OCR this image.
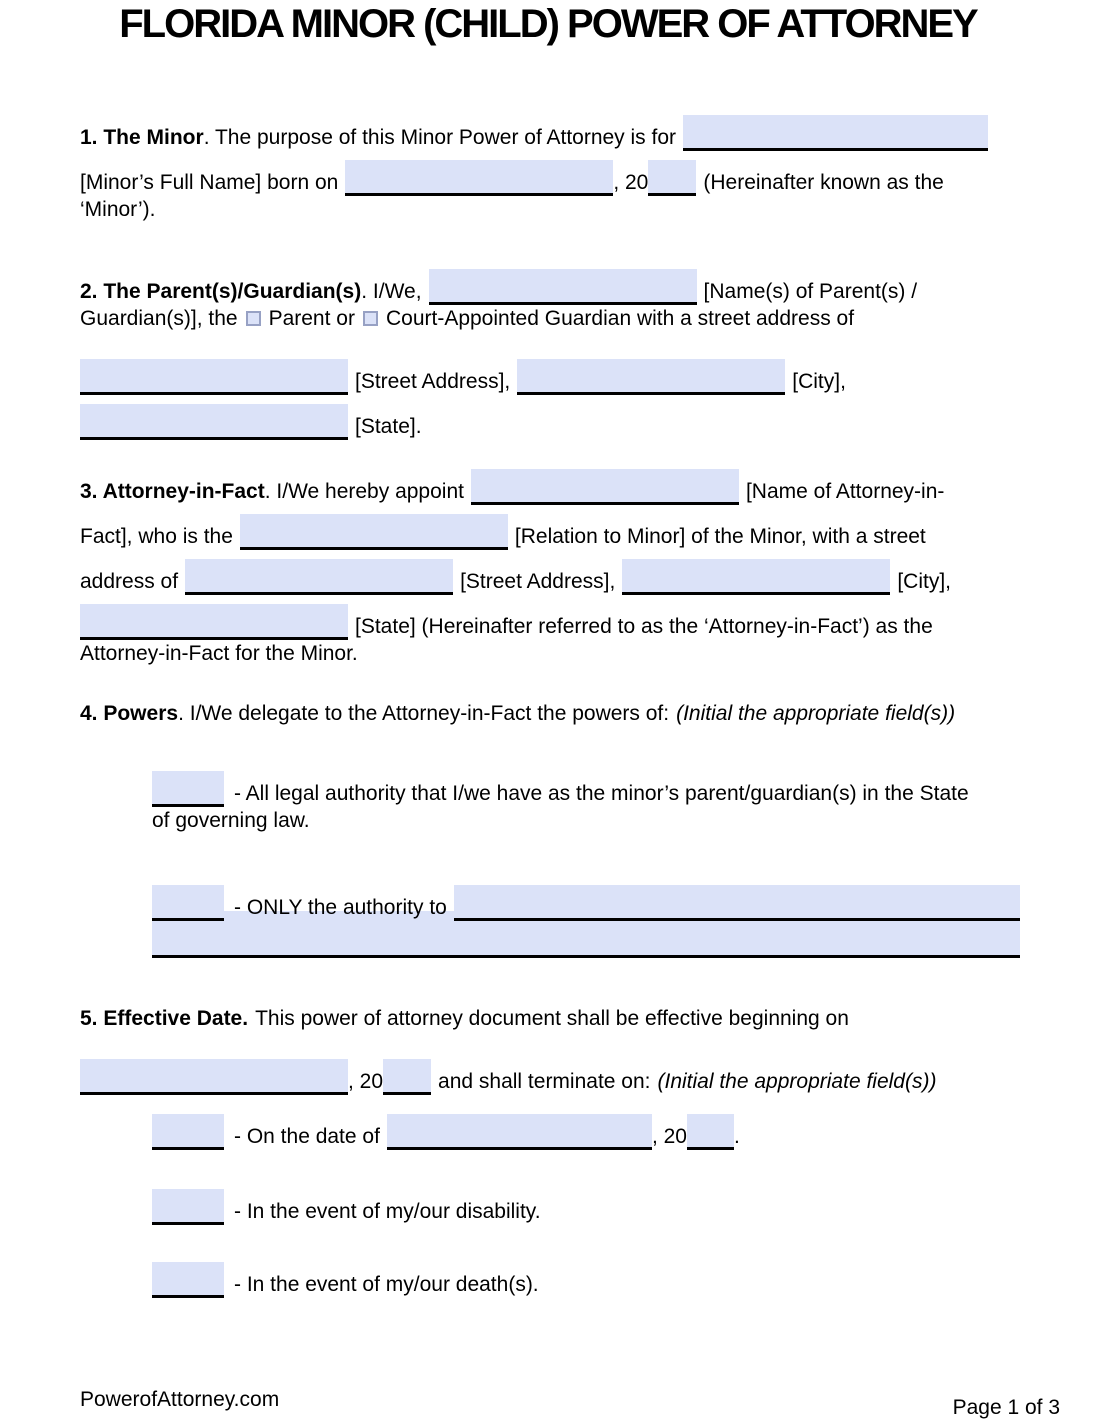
FLORIDA MINOR (CHILD) POWER OF ATTORNEY
1. The Minor . The purpose of this Minor Power of Attorney is for
[Minor’s Full Name] born on	, 20	(Hereinafter known as the
‘Minor’).
2. The Parent(s)/Guardian(s) . I/We,	[Name(s) of Parent(s) /
Guardian(s)], the Parent or Court-Appointed Guardian with a street address of
[Street Address],	[City],
[State].
3. Attorney-in-Fact . I/We hereby appoint	[Name of Attorney-in-
Fact], who is the	[Relation to Minor] of the Minor, with a street
address of	[Street Address],	[City],
[State] (Hereinafter referred to as the ‘Attorney-in-Fact’) as the
Attorney-in-Fact for the Minor.
4. Powers . I/We delegate to the Attorney-in-Fact the powers of: (Initial the appropriate field(s))
- All legal authority that I/we have as the minor’s parent/guardian(s) in the State
of governing law.
- ONLY the authority to
5. Effective Date. This power of attorney document shall be effective beginning on
, 20	and shall terminate on: (Initial the appropriate field(s))
- On the date of	, 20 .
- In the event of my/our disability.
- In the event of my/our death(s).
PowerofAttorney.com	Page 1 of 3
